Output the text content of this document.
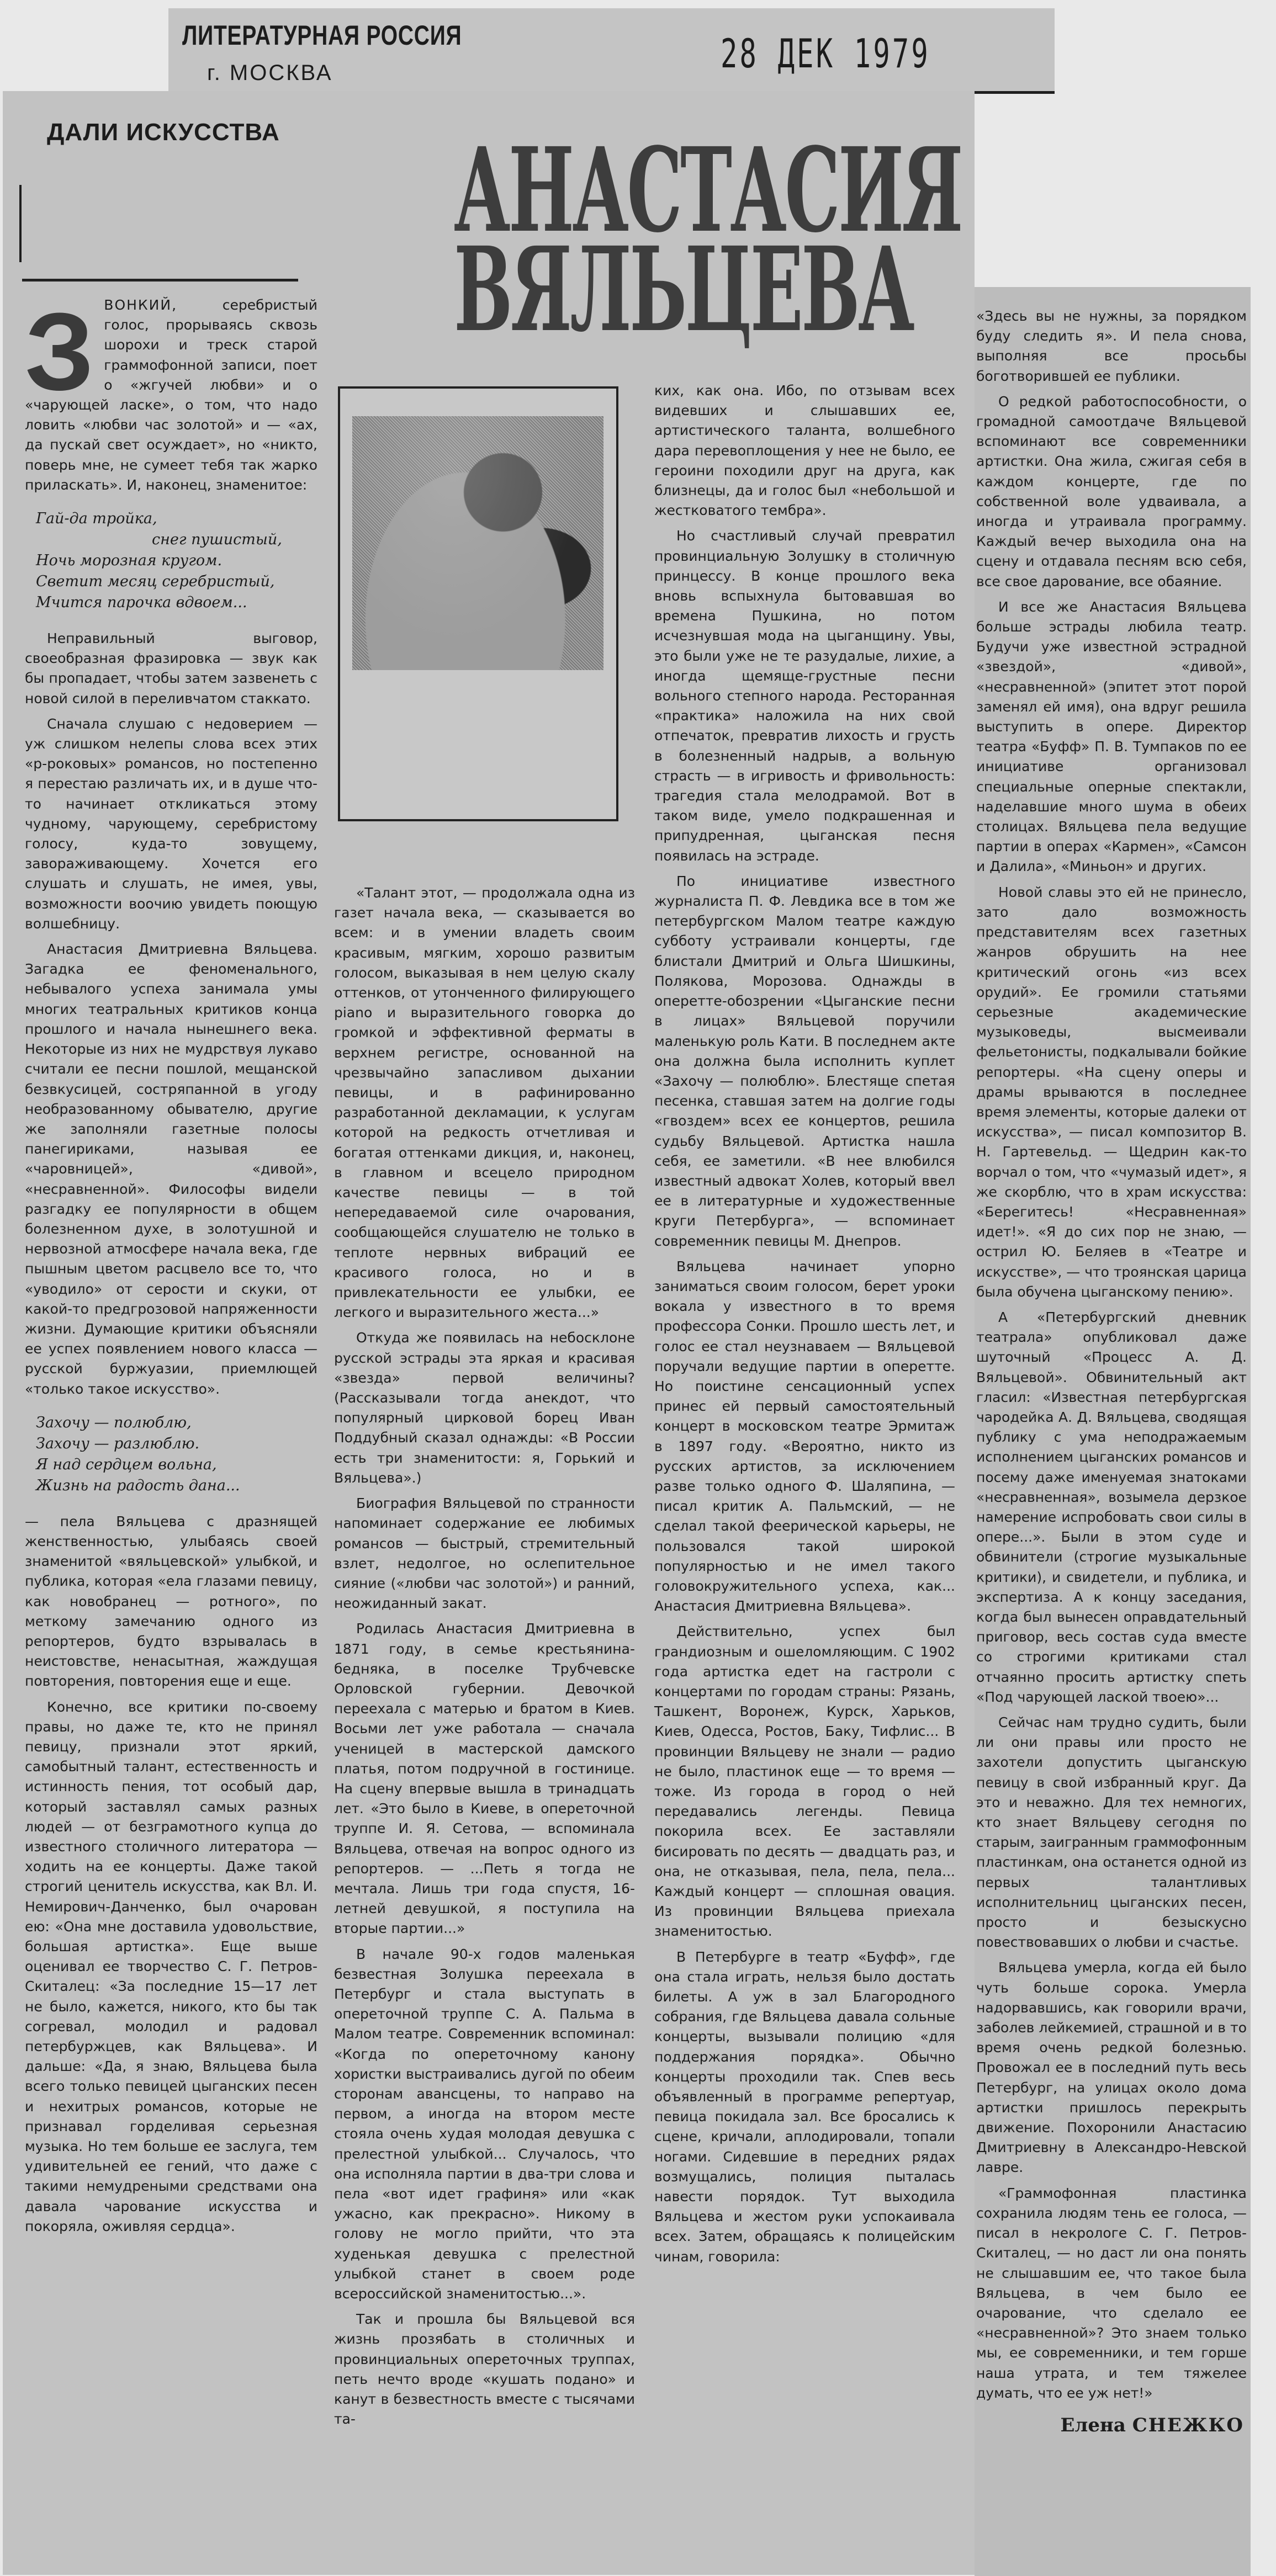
ЛИТЕРАТУРНАЯ РОССИЯ
г. МОСКВА	28 ДЕК 1979
ДАЛИ ИСКУССТВА АНАСТАСИЯ
ВЯЛЬЦЕВА

ЗВОНКИЙ, серебристый голос, прорываясь сквозь шорохи и треск старой граммофонной записи, поет о «жгучей любви» и о «чарующей ласке», о том, что надо ловить «любви час золотой» и — «ах, да пускай свет осуждает», но «никто, поверь мне, не сумеет тебя так жарко приласкать». И, наконец, знаменитое:

Гай-да тройка,
снег пушистый,
Ночь морозная кругом.
Светит месяц серебристый,
Мчится парочка вдвоем...

Неправильный выговор, своеобразная фразировка — звук как бы пропадает, чтобы затем зазвенеть с новой силой в переливчатом стаккато.

Сначала слушаю с недоверием — уж слишком нелепы слова всех этих «р-роковых» романсов, но постепенно я перестаю различать их, и в душе что-то начинает откликаться этому чудному, чарующему, серебристому голосу, куда-то зовущему, завораживающему. Хочется его слушать и слушать, не имея, увы, возможности воочию увидеть поющую волшебницу.

Анастасия Дмитриевна Вяльцева. Загадка ее феноменального, небывалого успеха занимала умы многих театральных критиков конца прошлого и начала нынешнего века. Некоторые из них не мудрствуя лукаво считали ее песни пошлой, мещанской безвкусицей, состряпанной в угоду необразованному обывателю, другие же заполняли газетные полосы панегириками, называя ее «чаровницей», «дивой», «несравненной». Философы видели разгадку ее популярности в общем болезненном духе, в золотушной и нервозной атмосфере начала века, где пышным цветом расцвело все то, что «уводило» от серости и скуки, от какой-то предгрозовой напряженности жизни. Думающие критики объясняли ее успех появлением нового класса — русской буржуазии, приемлющей «только такое искусство».

Захочу — полюблю,
Захочу — разлюблю.
Я над сердцем вольна,
Жизнь на радость дана...

— пела Вяльцева с дразнящей женственностью, улыбаясь своей знаменитой «вяльцевской» улыбкой, и публика, которая «ела глазами певицу, как новобранец — ротного», по меткому замечанию одного из репортеров, будто взрывалась в неистовстве, ненасытная, жаждущая повторения, повторения еще и еще.

Конечно, все критики по-своему правы, но даже те, кто не принял певицу, признали этот яркий, самобытный талант, естественность и истинность пения, тот особый дар, который заставлял самых разных людей — от безграмотного купца до известного столичного литератора — ходить на ее концерты. Даже такой строгий ценитель искусства, как Вл. И. Немирович-Данченко, был очарован ею: «Она мне доставила удовольствие, большая артистка». Еще выше оценивал ее творчество С. Г. Петров-Скиталец: «За последние 15—17 лет не было, кажется, никого, кто бы так согревал, молодил и радовал петербуржцев, как Вяльцева». И дальше: «Да, я знаю, Вяльцева была всего только певицей цыганских песен и нехитрых романсов, которые не признавал горделивая серьезная музыка. Но тем больше ее заслуга, тем удивительней ее гений, что даже с такими немудреными средствами она давала чарование искусства и покоряла, оживляя сердца».

«Талант этот, — продолжала одна из газет начала века, — сказывается во всем: и в умении владеть своим красивым, мягким, хорошо развитым голосом, выказывая в нем целую скалу оттенков, от утонченного филирующего piano и выразительного говорка до громкой и эффективной ферматы в верхнем регистре, основанной на чрезвычайно запасливом дыхании певицы, и в рафинированно разработанной декламации, к услугам которой на редкость отчетливая и богатая оттенками дикция, и, наконец, в главном и всецело природном качестве певицы — в той непередаваемой силе очарования, сообщающейся слушателю не только в теплоте нервных вибраций ее красивого голоса, но и в привлекательности ее улыбки, ее легкого и выразительного жеста...»

Откуда же появилась на небосклоне русской эстрады эта яркая и красивая «звезда» первой величины? (Рассказывали тогда анекдот, что популярный цирковой борец Иван Поддубный сказал однажды: «В России есть три знаменитости: я, Горький и Вяльцева».)

Биография Вяльцевой по странности напоминает содержание ее любимых романсов — быстрый, стремительный взлет, недолгое, но ослепительное сияние («любви час золотой») и ранний, неожиданный закат.

Родилась Анастасия Дмитриевна в 1871 году, в семье крестьянина-бедняка, в поселке Трубчевске Орловской губернии. Девочкой переехала с матерью и братом в Киев. Восьми лет уже работала — сначала ученицей в мастерской дамского платья, потом подручной в гостинице. На сцену впервые вышла в тринадцать лет. «Это было в Киеве, в опереточной труппе И. Я. Сетова, — вспоминала Вяльцева, отвечая на вопрос одного из репортеров. — ...Петь я тогда не мечтала. Лишь три года спустя, 16-летней девушкой, я поступила на вторые партии...»

В начале 90-х годов маленькая безвестная Золушка переехала в Петербург и стала выступать в опереточной труппе С. А. Пальма в Малом театре. Современник вспоминал: «Когда по опереточному канону хористки выстраивались дугой по обеим сторонам авансцены, то направо на первом, а иногда на втором месте стояла очень худая молодая девушка с прелестной улыбкой... Случалось, что она исполняла партии в два-три слова и пела «вот идет графиня» или «как ужасно, как прекрасно». Никому в голову не могло прийти, что эта худенькая девушка с прелестной улыбкой станет в своем роде всероссийской знаменитостью...».

Так и прошла бы Вяльцевой вся жизнь прозябать в столичных и провинциальных опереточных труппах, петь нечто вроде «кушать подано» и канут в безвестность вместе с тысячами та-

ких, как она. Ибо, по отзывам всех видевших и слышавших ее, артистического таланта, волшебного дара перевоплощения у нее не было, ее героини походили друг на друга, как близнецы, да и голос был «небольшой и жестковатого тембра».

Но счастливый случай превратил провинциальную Золушку в столичную принцессу. В конце прошлого века вновь вспыхнула бытовавшая во времена Пушкина, но потом исчезнувшая мода на цыганщину. Увы, это были уже не те разудалые, лихие, а иногда щемяще-грустные песни вольного степного народа. Ресторанная «практика» наложила на них свой отпечаток, превратив лихость и грусть в болезненный надрыв, а вольную страсть — в игривость и фривольность: трагедия стала мелодрамой. Вот в таком виде, умело подкрашенная и припудренная, цыганская песня появилась на эстраде.

По инициативе известного журналиста П. Ф. Левдика все в том же петербургском Малом театре каждую субботу устраивали концерты, где блистали Дмитрий и Ольга Шишкины, Полякова, Морозова. Однажды в оперетте-обозрении «Цыганские песни в лицах» Вяльцевой поручили маленькую роль Кати. В последнем акте она должна была исполнить куплет «Захочу — полюблю». Блестяще спетая песенка, ставшая затем на долгие годы «гвоздем» всех ее концертов, решила судьбу Вяльцевой. Артистка нашла себя, ее заметили. «В нее влюбился известный адвокат Холев, который ввел ее в литературные и художественные круги Петербурга», — вспоминает современник певицы М. Днепров.

Вяльцева начинает упорно заниматься своим голосом, берет уроки вокала у известного в то время профессора Сонки. Прошло шесть лет, и голос ее стал неузнаваем — Вяльцевой поручали ведущие партии в оперетте. Но поистине сенсационный успех принес ей первый самостоятельный концерт в московском театре Эрмитаж в 1897 году. «Вероятно, никто из русских артистов, за исключением разве только одного Ф. Шаляпина, — писал критик А. Пальмский, — не сделал такой феерической карьеры, не пользовался такой широкой популярностью и не имел такого головокружительного успеха, как... Анастасия Дмитриевна Вяльцева».

Действительно, успех был грандиозным и ошеломляющим. С 1902 года артистка едет на гастроли с концертами по городам страны: Рязань, Ташкент, Воронеж, Курск, Харьков, Киев, Одесса, Ростов, Баку, Тифлис... В провинции Вяльцеву не знали — радио не было, пластинок еще — то время — тоже. Из города в город о ней передавались легенды. Певица покорила всех. Ее заставляли бисировать по десять — двадцать раз, и она, не отказывая, пела, пела, пела... Каждый концерт — сплошная овация. Из провинции Вяльцева приехала знаменитостью.

В Петербурге в театр «Буфф», где она стала играть, нельзя было достать билеты. А уж в зал Благородного собрания, где Вяльцева давала сольные концерты, вызывали полицию «для поддержания порядка». Обычно концерты проходили так. Спев весь объявленный в программе репертуар, певица покидала зал. Все бросались к сцене, кричали, аплодировали, топали ногами. Сидевшие в передних рядах возмущались, полиция пыталась навести порядок. Тут выходила Вяльцева и жестом руки успокаивала всех. Затем, обращаясь к полицейским чинам, говорила:

«Здесь вы не нужны, за порядком буду следить я». И пела снова, выполняя все просьбы боготворившей ее публики.

О редкой работоспособности, о громадной самоотдаче Вяльцевой вспоминают все современники артистки. Она жила, сжигая себя в каждом концерте, где по собственной воле удваивала, а иногда и утраивала программу. Каждый вечер выходила она на сцену и отдавала песням всю себя, все свое дарование, все обаяние.

И все же Анастасия Вяльцева больше эстрады любила театр. Будучи уже известной эстрадной «звездой», «дивой», «несравненной» (эпитет этот порой заменял ей имя), она вдруг решила выступить в опере. Директор театра «Буфф» П. В. Тумпаков по ее инициативе организовал специальные оперные спектакли, наделавшие много шума в обеих столицах. Вяльцева пела ведущие партии в операх «Кармен», «Самсон и Далила», «Миньон» и других.

Новой славы это ей не принесло, зато дало возможность представителям всех газетных жанров обрушить на нее критический огонь «из всех орудий». Ее громили статьями серьезные академические музыковеды, высмеивали фельетонисты, подкалывали бойкие репортеры. «На сцену оперы и драмы врываются в последнее время элементы, которые далеки от искусства», — писал композитор В. Н. Гартевельд. — Щедрин как-то ворчал о том, что «чумазый идет», я же скорблю, что в храм искусства: «Берегитесь! «Несравненная» идет!». «Я до сих пор не знаю, — острил Ю. Беляев в «Театре и искусстве», — что троянская царица была обучена цыганскому пению».

А «Петербургский дневник театрала» опубликовал даже шуточный «Процесс А. Д. Вяльцевой». Обвинительный акт гласил: «Известная петербургская чародейка А. Д. Вяльцева, сводящая публику с ума неподражаемым исполнением цыганских романсов и посему даже именуемая знатоками «несравненная», возымела дерзкое намерение испробовать свои силы в опере...». Были в этом суде и обвинители (строгие музыкальные критики), и свидетели, и публика, и экспертиза. А к концу заседания, когда был вынесен оправдательный приговор, весь состав суда вместе со строгими критиками стал отчаянно просить артистку спеть «Под чарующей лаской твоею»...

Сейчас нам трудно судить, были ли они правы или просто не захотели допустить цыганскую певицу в свой избранный круг. Да это и неважно. Для тех немногих, кто знает Вяльцеву сегодня по старым, заигранным граммофонным пластинкам, она останется одной из первых талантливых исполнительниц цыганских песен, просто и безыскусно повествовавших о любви и счастье.

Вяльцева умерла, когда ей было чуть больше сорока. Умерла надорвавшись, как говорили врачи, заболев лейкемией, страшной и в то время очень редкой болезнью. Провожал ее в последний путь весь Петербург, на улицах около дома артистки пришлось перекрыть движение. Похоронили Анастасию Дмитриевну в Александро-Невской лавре.

«Граммофонная пластинка сохранила людям тень ее голоса, — писал в некрологе С. Г. Петров-Скиталец, — но даст ли она понять не слышавшим ее, что такое была Вяльцева, в чем было ее очарование, что сделало ее «несравненной»? Это знаем только мы, ее современники, и тем горше наша утрата, и тем тяжелее думать, что ее уж нет!»

Елена СНЕЖКО
